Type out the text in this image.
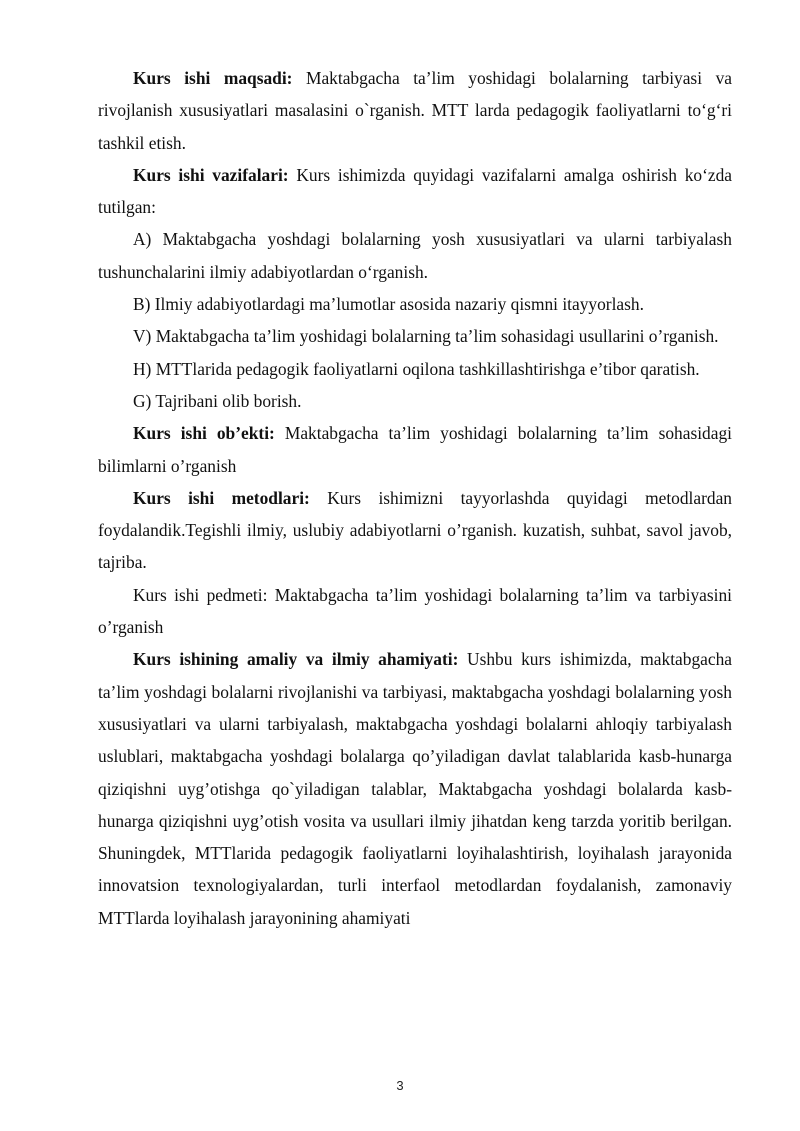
Kurs ishi maqsadi: Maktabgacha ta’lim yoshidagi bolalarning tarbiyasi va rivojlanish xususiyatlari masalasini o`rganish. MTT larda pedagogik faoliyatlarni to‘g‘ri tashkil etish.

Kurs ishi vazifalari: Kurs ishimizda quyidagi vazifalarni amalga oshirish ko‘zda tutilgan:

A) Maktabgacha yoshdagi bolalarning yosh xususiyatlari va ularni tarbiyalash tushunchalarini ilmiy adabiyotlardan o‘rganish.

B) Ilmiy adabiyotlardagi ma’lumotlar asosida nazariy qismni itayyorlash.

V) Maktabgacha ta’lim yoshidagi bolalarning ta’lim sohasidagi usullarini o’rganish.

H) MTTlarida pedagogik faoliyatlarni oqilona tashkillashtirishga e’tibor qaratish.

G) Tajribani olib borish.

Kurs ishi ob’ekti: Maktabgacha ta’lim yoshidagi bolalarning ta’lim sohasidagi bilimlarni o’rganish

Kurs ishi metodlari: Kurs ishimizni tayyorlashda quyidagi metodlardan foydalandik.Tegishli ilmiy, uslubiy adabiyotlarni o’rganish. kuzatish, suhbat, savol javob, tajriba.

Kurs ishi pedmeti: Maktabgacha ta’lim yoshidagi bolalarning ta’lim va tarbiyasini o’rganish

Kurs ishining amaliy va ilmiy ahamiyati: Ushbu kurs ishimizda, maktabgacha ta’lim yoshdagi bolalarni rivojlanishi va tarbiyasi, maktabgacha yoshdagi bolalarning yosh xususiyatlari va ularni tarbiyalash, maktabgacha yoshdagi bolalarni ahloqiy tarbiyalash uslublari, maktabgacha yoshdagi bolalarga qo’yiladigan davlat talablarida kasb-hunarga qiziqishni uyg’otishga qo`yiladigan talablar, Maktabgacha yoshdagi bolalarda kasb-hunarga qiziqishni uyg’otish vosita va usullari ilmiy jihatdan keng tarzda yoritib berilgan. Shuningdek, MTTlarida pedagogik faoliyatlarni loyihalashtirish, loyihalash jarayonida innovatsion texnologiyalardan, turli interfaol metodlardan foydalanish, zamonaviy MTTlarda loyihalash jarayonining ahamiyati

3
